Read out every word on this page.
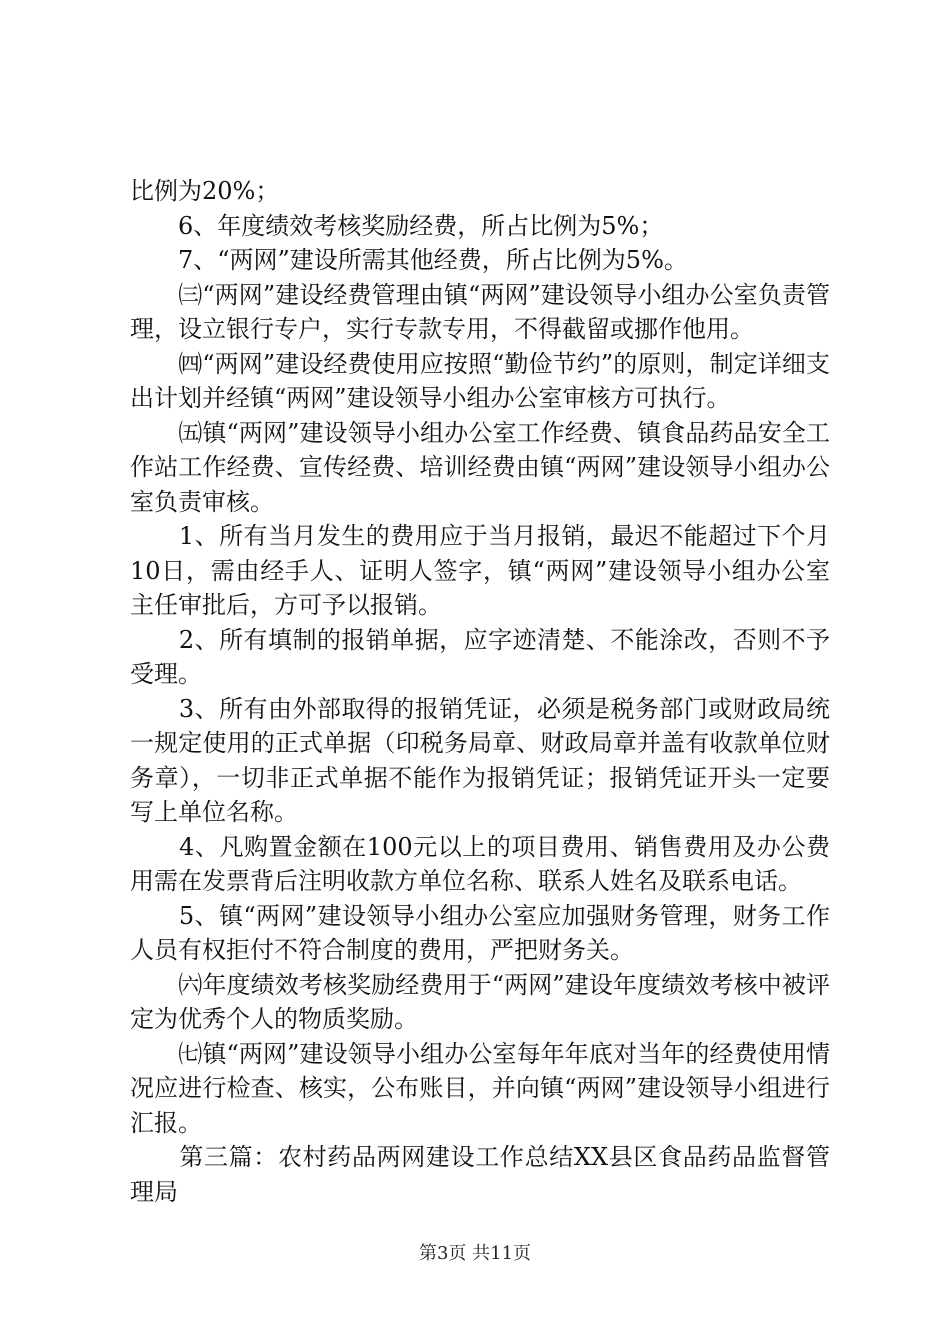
比例为20%；

　　6、年度绩效考核奖励经费，所占比例为5%；

　　7、“两网”建设所需其他经费，所占比例为5%。

　　㈢“两网”建设经费管理由镇“两网”建设领导小组办公室负责管理，设立银行专户，实行专款专用，不得截留或挪作他用。

　　㈣“两网”建设经费使用应按照“勤俭节约”的原则，制定详细支出计划并经镇“两网”建设领导小组办公室审核方可执行。

　　㈤镇“两网”建设领导小组办公室工作经费、镇食品药品安全工作站工作经费、宣传经费、培训经费由镇“两网”建设领导小组办公室负责审核。

　　1、所有当月发生的费用应于当月报销，最迟不能超过下个月10日，需由经手人、证明人签字，镇“两网”建设领导小组办公室主任审批后，方可予以报销。

　　2、所有填制的报销单据，应字迹清楚、不能涂改，否则不予受理。

　　3、所有由外部取得的报销凭证，必须是税务部门或财政局统一规定使用的正式单据（印税务局章、财政局章并盖有收款单位财务章），一切非正式单据不能作为报销凭证；报销凭证开头一定要写上单位名称。

　　4、凡购置金额在100元以上的项目费用、销售费用及办公费用需在发票背后注明收款方单位名称、联系人姓名及联系电话。

　　5、镇“两网”建设领导小组办公室应加强财务管理，财务工作人员有权拒付不符合制度的费用，严把财务关。

　　㈥年度绩效考核奖励经费用于“两网”建设年度绩效考核中被评定为优秀个人的物质奖励。

　　㈦镇“两网”建设领导小组办公室每年年底对当年的经费使用情况应进行检查、核实，公布账目，并向镇“两网”建设领导小组进行汇报。

　　第三篇：农村药品两网建设工作总结XX县区食品药品监督管理局

第3页 共11页
